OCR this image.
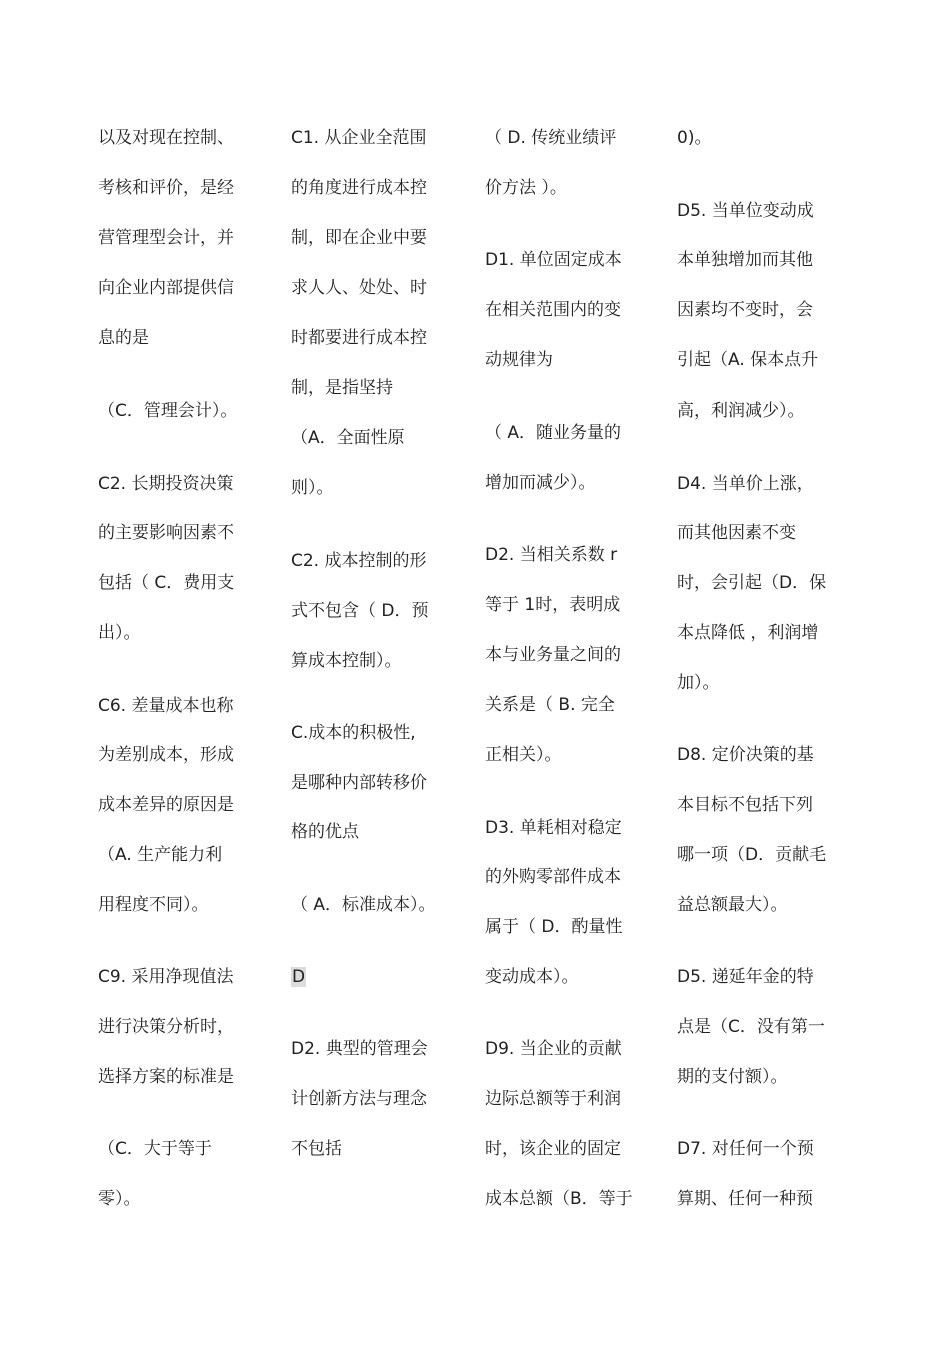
以及对现在控制、
考核和评价，是经
营管理型会计，并
向企业内部提供信
息的是
（C．管理会计）。
C2. 长期投资决策
的主要影响因素不
包括（ C．费用支
出）。
C6. 差量成本也称
为差别成本，形成
成本差异的原因是
（A. 生产能力利
用程度不同）。
C9. 采用净现值法
进行决策分析时，
选择方案的标准是
（C．大于等于
零）。
C1. 从企业全范围
的角度进行成本控
制，即在企业中要
求人人、处处、时
时都要进行成本控
制，是指坚持
（A．全面性原
则）。
C2. 成本控制的形
式不包含（ D．预
算成本控制）。
C.成本的积极性,
是哪种内部转移价
格的优点
（ A．标准成本）。
D
D2. 典型的管理会
计创新方法与理念
不包括
（ D. 传统业绩评
价方法 ）。
D1. 单位固定成本
在相关范围内的变
动规律为
（ A．随业务量的
增加而减少）。
D2. 当相关系数 r
等于 1时，表明成
本与业务量之间的
关系是（ B. 完全
正相关）。
D3. 单耗相对稳定
的外购零部件成本
属于（ D．酌量性
变动成本）。
D9. 当企业的贡献
边际总额等于利润
时，该企业的固定
成本总额（B．等于
0)。
D5. 当单位变动成
本单独增加而其他
因素均不变时，会
引起（A. 保本点升
高，利润减少）。
D4. 当单价上涨，
而其他因素不变
时，会引起（D．保
本点降低 ，利润增
加）。
D8. 定价决策的基
本目标不包括下列
哪一项（D．贡献毛
益总额最大）。
D5. 递延年金的特
点是（C．没有第一
期的支付额）。
D7. 对任何一个预
算期、任何一种预
